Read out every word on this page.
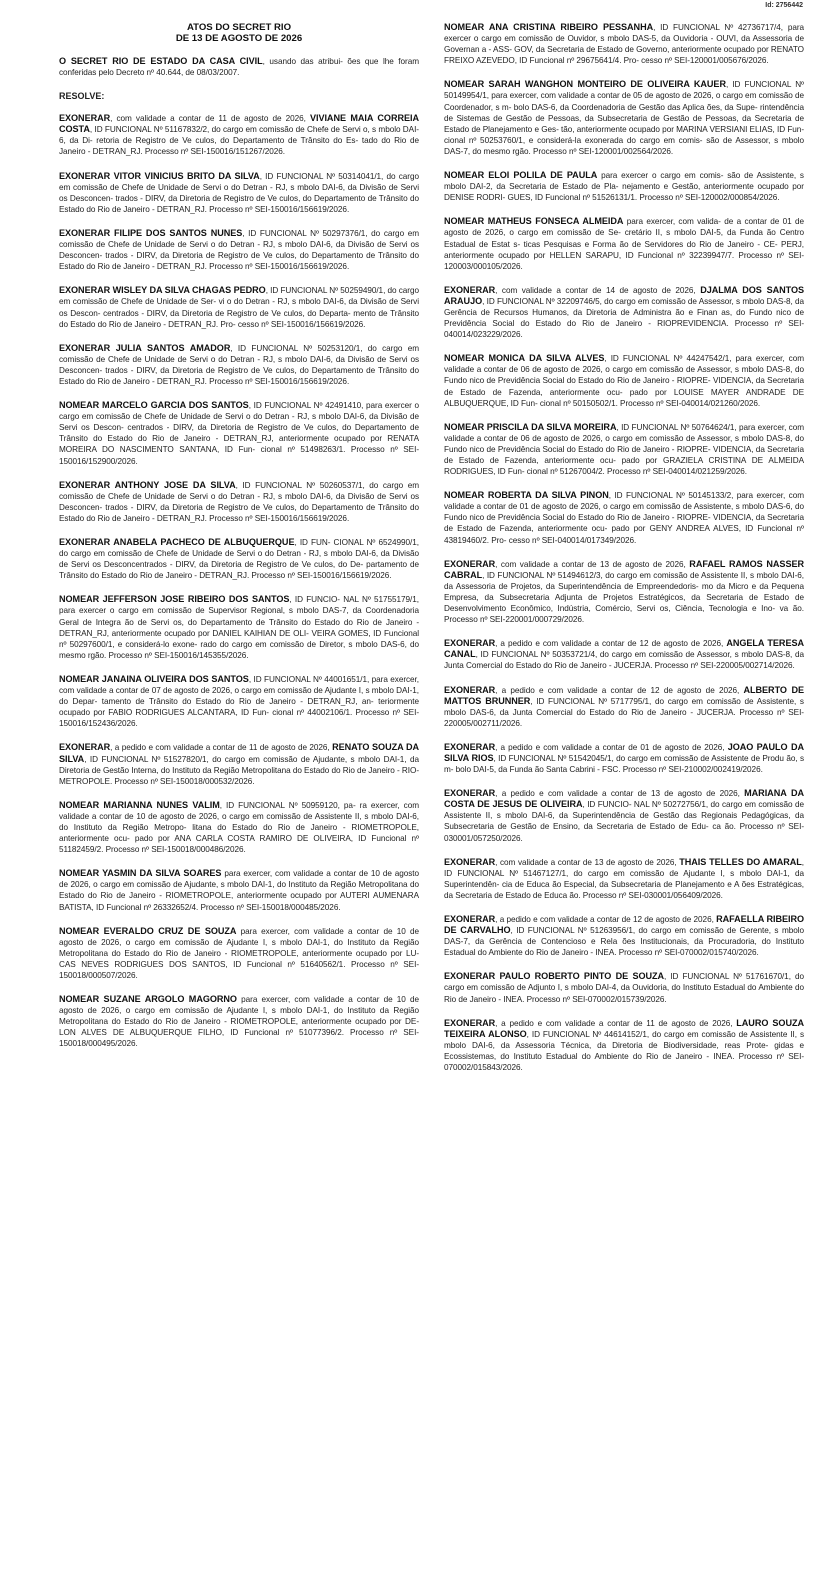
Id: 2756442
ATOS DO SECRET RIO
DE 13 DE AGOSTO DE 2026

O SECRET RIO DE ESTADO DA CASA CIVIL, usando das atribui- ões que lhe foram conferidas pelo Decreto nº 40.644, de 08/03/2007.

RESOLVE:

EXONERAR, com validade a contar de 11 de agosto de 2026, VIVIANE MAIA CORREIA COSTA, ID FUNCIONAL Nº 51167832/2, do cargo em comissão de Chefe de Servi o, s mbolo DAI-6, da Di- retoria de Registro de Ve culos, do Departamento de Trânsito do Es- tado do Rio de Janeiro - DETRAN_RJ. Processo nº SEI-150016/151267/2026.

EXONERAR VITOR VINICIUS BRITO DA SILVA, ID FUNCIONAL Nº 50314041/1, do cargo em comissão de Chefe de Unidade de Servi o do Detran - RJ, s mbolo DAI-6, da Divisão de Servi os Desconcen- trados - DIRV, da Diretoria de Registro de Ve culos, do Departamento de Trânsito do Estado do Rio de Janeiro - DETRAN_RJ. Processo nº SEI-150016/156619/2026.

EXONERAR FILIPE DOS SANTOS NUNES, ID FUNCIONAL Nº 50297376/1, do cargo em comissão de Chefe de Unidade de Servi o do Detran - RJ, s mbolo DAI-6, da Divisão de Servi os Desconcen- trados - DIRV, da Diretoria de Registro de Ve culos, do Departamento de Trânsito do Estado do Rio de Janeiro - DETRAN_RJ. Processo nº SEI-150016/156619/2026.

EXONERAR WISLEY DA SILVA CHAGAS PEDRO, ID FUNCIONAL Nº 50259490/1, do cargo em comissão de Chefe de Unidade de Ser- vi o do Detran - RJ, s mbolo DAI-6, da Divisão de Servi os Descon- centrados - DIRV, da Diretoria de Registro de Ve culos, do Departa- mento de Trânsito do Estado do Rio de Janeiro - DETRAN_RJ. Pro- cesso nº SEI-150016/156619/2026.

EXONERAR JULIA SANTOS AMADOR, ID FUNCIONAL Nº 50253120/1, do cargo em comissão de Chefe de Unidade de Servi o do Detran - RJ, s mbolo DAI-6, da Divisão de Servi os Desconcen- trados - DIRV, da Diretoria de Registro de Ve culos, do Departamento de Trânsito do Estado do Rio de Janeiro - DETRAN_RJ. Processo nº SEI-150016/156619/2026.

NOMEAR MARCELO GARCIA DOS SANTOS, ID FUNCIONAL Nº 42491410, para exercer o cargo em comissão de Chefe de Unidade de Servi o do Detran - RJ, s mbolo DAI-6, da Divisão de Servi os Descon- centrados - DIRV, da Diretoria de Registro de Ve culos, do Departamento de Trânsito do Estado do Rio de Janeiro - DETRAN_RJ, anteriormente ocupado por RENATA MOREIRA DO NASCIMENTO SANTANA, ID Fun- cional nº 51498263/1. Processo nº SEI-150016/152900/2026.

EXONERAR ANTHONY JOSE DA SILVA, ID FUNCIONAL Nº 50260537/1, do cargo em comissão de Chefe de Unidade de Servi o do Detran - RJ, s mbolo DAI-6, da Divisão de Servi os Desconcen- trados - DIRV, da Diretoria de Registro de Ve culos, do Departamento de Trânsito do Estado do Rio de Janeiro - DETRAN_RJ. Processo nº SEI-150016/156619/2026.

EXONERAR ANABELA PACHECO DE ALBUQUERQUE, ID FUN- CIONAL Nº 6524990/1, do cargo em comissão de Chefe de Unidade de Servi o do Detran - RJ, s mbolo DAI-6, da Divisão de Servi os Desconcentrados - DIRV, da Diretoria de Registro de Ve culos, do De- partamento de Trânsito do Estado do Rio de Janeiro - DETRAN_RJ. Processo nº SEI-150016/156619/2026.

NOMEAR JEFFERSON JOSE RIBEIRO DOS SANTOS, ID FUNCIO- NAL Nº 51755179/1, para exercer o cargo em comissão de Supervisor Regional, s mbolo DAS-7, da Coordenadoria Geral de Integra ão de Servi os, do Departamento de Trânsito do Estado do Rio de Janeiro - DETRAN_RJ, anteriormente ocupado por DANIEL KAIHIAN DE OLI- VEIRA GOMES, ID Funcional nº 50297600/1, e considerá-lo exone- rado do cargo em comissão de Diretor, s mbolo DAS-6, do mesmo rgão. Processo nº SEI-150016/145355/2026.

NOMEAR JANAINA OLIVEIRA DOS SANTOS, ID FUNCIONAL Nº 44001651/1, para exercer, com validade a contar de 07 de agosto de 2026, o cargo em comissão de Ajudante I, s mbolo DAI-1, do Depar- tamento de Trânsito do Estado do Rio de Janeiro - DETRAN_RJ, an- teriormente ocupado por FABIO RODRIGUES ALCANTARA, ID Fun- cional nº 44002106/1. Processo nº SEI-150016/152436/2026.

EXONERAR, a pedido e com validade a contar de 11 de agosto de 2026, RENATO SOUZA DA SILVA, ID FUNCIONAL Nº 51527820/1, do cargo em comissão de Ajudante, s mbolo DAI-1, da Diretoria de Gestão Interna, do Instituto da Região Metropolitana do Estado do Rio de Janeiro - RIO- METROPOLE. Processo nº SEI-150018/000532/2026.

NOMEAR MARIANNA NUNES VALIM, ID FUNCIONAL Nº 50959120, pa- ra exercer, com validade a contar de 10 de agosto de 2026, o cargo em comissão de Assistente II, s mbolo DAI-6, do Instituto da Região Metropo- litana do Estado do Rio de Janeiro - RIOMETROPOLE, anteriormente ocu- pado por ANA CARLA COSTA RAMIRO DE OLIVEIRA, ID Funcional nº 51182459/2. Processo nº SEI-150018/000486/2026.

NOMEAR YASMIN DA SILVA SOARES para exercer, com validade a contar de 10 de agosto de 2026, o cargo em comissão de Ajudante, s mbolo DAI-1, do Instituto da Região Metropolitana do Estado do Rio de Janeiro - RIOMETROPOLE, anteriormente ocupado por AUTERI AUMENARA BATISTA, ID Funcional nº 26332652/4. Processo nº SEI-150018/000485/2026.

NOMEAR EVERALDO CRUZ DE SOUZA para exercer, com validade a contar de 10 de agosto de 2026, o cargo em comissão de Ajudante I, s mbolo DAI-1, do Instituto da Região Metropolitana do Estado do Rio de Janeiro - RIOMETROPOLE, anteriormente ocupado por LU- CAS NEVES RODRIGUES DOS SANTOS, ID Funcional nº 51640562/1. Processo nº SEI-150018/000507/2026.

NOMEAR SUZANE ARGOLO MAGORNO para exercer, com validade a contar de 10 de agosto de 2026, o cargo em comissão de Ajudante I, s mbolo DAI-1, do Instituto da Região Metropolitana do Estado do Rio de Janeiro - RIOMETROPOLE, anteriormente ocupado por DE- LON ALVES DE ALBUQUERQUE FILHO, ID Funcional nº 51077396/2. Processo nº SEI-150018/000495/2026.

NOMEAR ANA CRISTINA RIBEIRO PESSANHA, ID FUNCIONAL Nº 42736717/4, para exercer o cargo em comissão de Ouvidor, s mbolo DAS-5, da Ouvidoria - OUVI, da Assessoria de Governan a - ASS- GOV, da Secretaria de Estado de Governo, anteriormente ocupado por RENATO FREIXO AZEVEDO, ID Funcional nº 29675641/4. Pro- cesso nº SEI-120001/005676/2026.

NOMEAR SARAH WANGHON MONTEIRO DE OLIVEIRA KAUER, ID FUNCIONAL Nº 50149954/1, para exercer, com validade a contar de 05 de agosto de 2026, o cargo em comissão de Coordenador, s m- bolo DAS-6, da Coordenadoria de Gestão das Aplica ões, da Supe- rintendência de Sistemas de Gestão de Pessoas, da Subsecretaria de Gestão de Pessoas, da Secretaria de Estado de Planejamento e Ges- tão, anteriormente ocupado por MARINA VERSIANI ELIAS, ID Fun- cional nº 50253760/1, e considerá-la exonerada do cargo em comis- são de Assessor, s mbolo DAS-7, do mesmo rgão. Processo nº SEI-120001/002564/2026.

NOMEAR ELOI POLILA DE PAULA para exercer o cargo em comis- são de Assistente, s mbolo DAI-2, da Secretaria de Estado de Pla- nejamento e Gestão, anteriormente ocupado por DENISE RODRI- GUES, ID Funcional nº 51526131/1. Processo nº SEI-120002/000854/2026.

NOMEAR MATHEUS FONSECA ALMEIDA para exercer, com valida- de a contar de 01 de agosto de 2026, o cargo em comissão de Se- cretário II, s mbolo DAI-5, da Funda ão Centro Estadual de Estat s- ticas Pesquisas e Forma ão de Servidores do Rio de Janeiro - CE- PERJ, anteriormente ocupado por HELLEN SARAPU, ID Funcional nº 32239947/7. Processo nº SEI-120003/000105/2026.

EXONERAR, com validade a contar de 14 de agosto de 2026, DJALMA DOS SANTOS ARAUJO, ID FUNCIONAL Nº 32209746/5, do cargo em comissão de Assessor, s mbolo DAS-8, da Gerência de Recursos Humanos, da Diretoria de Administra ão e Finan as, do Fundo nico de Previdência Social do Estado do Rio de Janeiro - RIOPREVIDENCIA. Processo nº SEI-040014/023229/2026.

NOMEAR MONICA DA SILVA ALVES, ID FUNCIONAL Nº 44247542/1, para exercer, com validade a contar de 06 de agosto de 2026, o cargo em comissão de Assessor, s mbolo DAS-8, do Fundo nico de Previdência Social do Estado do Rio de Janeiro - RIOPRE- VIDENCIA, da Secretaria de Estado de Fazenda, anteriormente ocu- pado por LOUISE MAYER ANDRADE DE ALBUQUERQUE, ID Fun- cional nº 50150502/1. Processo nº SEI-040014/021260/2026.

NOMEAR PRISCILA DA SILVA MOREIRA, ID FUNCIONAL Nº 50764624/1, para exercer, com validade a contar de 06 de agosto de 2026, o cargo em comissão de Assessor, s mbolo DAS-8, do Fundo nico de Previdência Social do Estado do Rio de Janeiro - RIOPRE- VIDENCIA, da Secretaria de Estado de Fazenda, anteriormente ocu- pado por GRAZIELA CRISTINA DE ALMEIDA RODRIGUES, ID Fun- cional nº 51267004/2. Processo nº SEI-040014/021259/2026.

NOMEAR ROBERTA DA SILVA PINON, ID FUNCIONAL Nº 50145133/2, para exercer, com validade a contar de 01 de agosto de 2026, o cargo em comissão de Assistente, s mbolo DAS-6, do Fundo nico de Previdência Social do Estado do Rio de Janeiro - RIOPRE- VIDENCIA, da Secretaria de Estado de Fazenda, anteriormente ocu- pado por GENY ANDREA ALVES, ID Funcional nº 43819460/2. Pro- cesso nº SEI-040014/017349/2026.

EXONERAR, com validade a contar de 13 de agosto de 2026, RAFAEL RAMOS NASSER CABRAL, ID FUNCIONAL Nº 51494612/3, do cargo em comissão de Assistente II, s mbolo DAI-6, da Assessoria de Projetos, da Superintendência de Empreendedoris- mo da Micro e da Pequena Empresa, da Subsecretaria Adjunta de Projetos Estratégicos, da Secretaria de Estado de Desenvolvimento Econômico, Indústria, Comércio, Servi os, Ciência, Tecnologia e Ino- va ão. Processo nº SEI-220001/000729/2026.

EXONERAR, a pedido e com validade a contar de 12 de agosto de 2026, ANGELA TERESA CANAL, ID FUNCIONAL Nº 50353721/4, do cargo em comissão de Assessor, s mbolo DAS-8, da Junta Comercial do Estado do Rio de Janeiro - JUCERJA. Processo nº SEI-220005/002714/2026.

EXONERAR, a pedido e com validade a contar de 12 de agosto de 2026, ALBERTO DE MATTOS BRUNNER, ID FUNCIONAL Nº 5717795/1, do cargo em comissão de Assistente, s mbolo DAS-6, da Junta Comercial do Estado do Rio de Janeiro - JUCERJA. Processo nº SEI-220005/002711/2026.

EXONERAR, a pedido e com validade a contar de 01 de agosto de 2026, JOAO PAULO DA SILVA RIOS, ID FUNCIONAL Nº 51542045/1, do cargo em comissão de Assistente de Produ ão, s m- bolo DAI-5, da Funda ão Santa Cabrini - FSC. Processo nº SEI-210002/002419/2026.

EXONERAR, a pedido e com validade a contar de 13 de agosto de 2026, MARIANA DA COSTA DE JESUS DE OLIVEIRA, ID FUNCIO- NAL Nº 50272756/1, do cargo em comissão de Assistente II, s mbolo DAI-6, da Superintendência de Gestão das Regionais Pedagógicas, da Subsecretaria de Gestão de Ensino, da Secretaria de Estado de Edu- ca ão. Processo nº SEI-030001/057250/2026.

EXONERAR, com validade a contar de 13 de agosto de 2026, THAIS TELLES DO AMARAL, ID FUNCIONAL Nº 51467127/1, do cargo em comissão de Ajudante I, s mbolo DAI-1, da Superintendên- cia de Educa ão Especial, da Subsecretaria de Planejamento e A ões Estratégicas, da Secretaria de Estado de Educa ão. Processo nº SEI-030001/056409/2026.

EXONERAR, a pedido e com validade a contar de 12 de agosto de 2026, RAFAELLA RIBEIRO DE CARVALHO, ID FUNCIONAL Nº 51263956/1, do cargo em comissão de Gerente, s mbolo DAS-7, da Gerência de Contencioso e Rela ões Institucionais, da Procuradoria, do Instituto Estadual do Ambiente do Rio de Janeiro - INEA. Processo nº SEI-070002/015740/2026.

EXONERAR PAULO ROBERTO PINTO DE SOUZA, ID FUNCIONAL Nº 51761670/1, do cargo em comissão de Adjunto I, s mbolo DAI-4, da Ouvidoria, do Instituto Estadual do Ambiente do Rio de Janeiro - INEA. Processo nº SEI-070002/015739/2026.

EXONERAR, a pedido e com validade a contar de 11 de agosto de 2026, LAURO SOUZA TEIXEIRA ALONSO, ID FUNCIONAL Nº 44614152/1, do cargo em comissão de Assistente II, s mbolo DAI-6, da Assessoria Técnica, da Diretoria de Biodiversidade, reas Prote- gidas e Ecossistemas, do Instituto Estadual do Ambiente do Rio de Janeiro - INEA. Processo nº SEI-070002/015843/2026.
